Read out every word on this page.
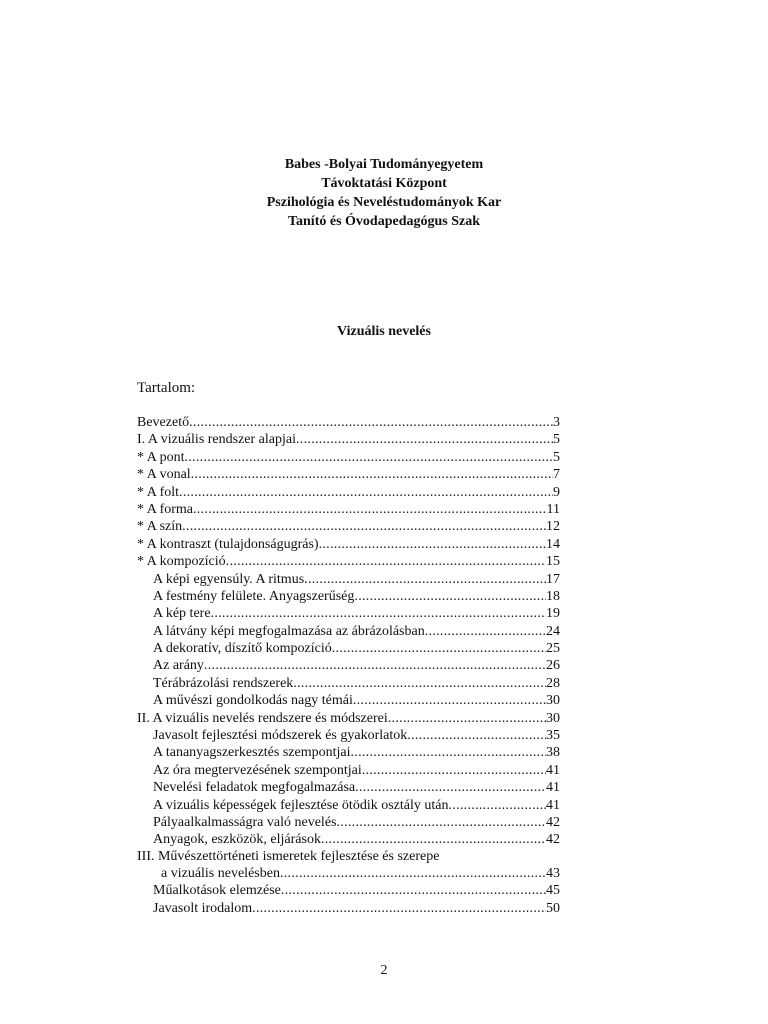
Babes -Bolyai Tudományegyetem
Távoktatási Központ
Pszihológia és Neveléstudományok Kar
Tanító és Óvodapedagógus Szak
Vizuális nevelés
Tartalom:
Bevezető .....	3
I. A vizuális rendszer alapjai .....	5
* A pont .....	5
* A vonal .....	7
* A folt .....	9
* A forma .....	11
* A szín .....	12
* A kontraszt (tulajdonságugrás) .....	14
* A kompozíció .....	15
A képi egyensúly. A ritmus .....	17
A festmény felülete. Anyagszerűség .....	18
A kép tere .....	19
A látvány képi megfogalmazása az ábrázolásban .....	24
A dekoratív, díszítő kompozíció .....	25
Az arány .....	26
Térábrázolási rendszerek .....	28
A művészi gondolkodás nagy témái .....	30
II. A vizuális nevelés rendszere és módszerei .....	30
Javasolt fejlesztési módszerek és gyakorlatok .....	35
A tananyagszerkesztés szempontjai .....	38
Az óra megtervezésének szempontjai .....	41
Nevelési feladatok megfogalmazása .....	41
A vizuális képességek fejlesztése ötödik osztály után .....	41
Pályaalkalmasságra való nevelés .....	42
Anyagok, eszközök, eljárások .....	42
III. Művészettörténeti ismeretek fejlesztése és szerepe
a vizuális nevelésben .....	43
Műalkotások elemzése .....	45
Javasolt irodalom .....	50
2
